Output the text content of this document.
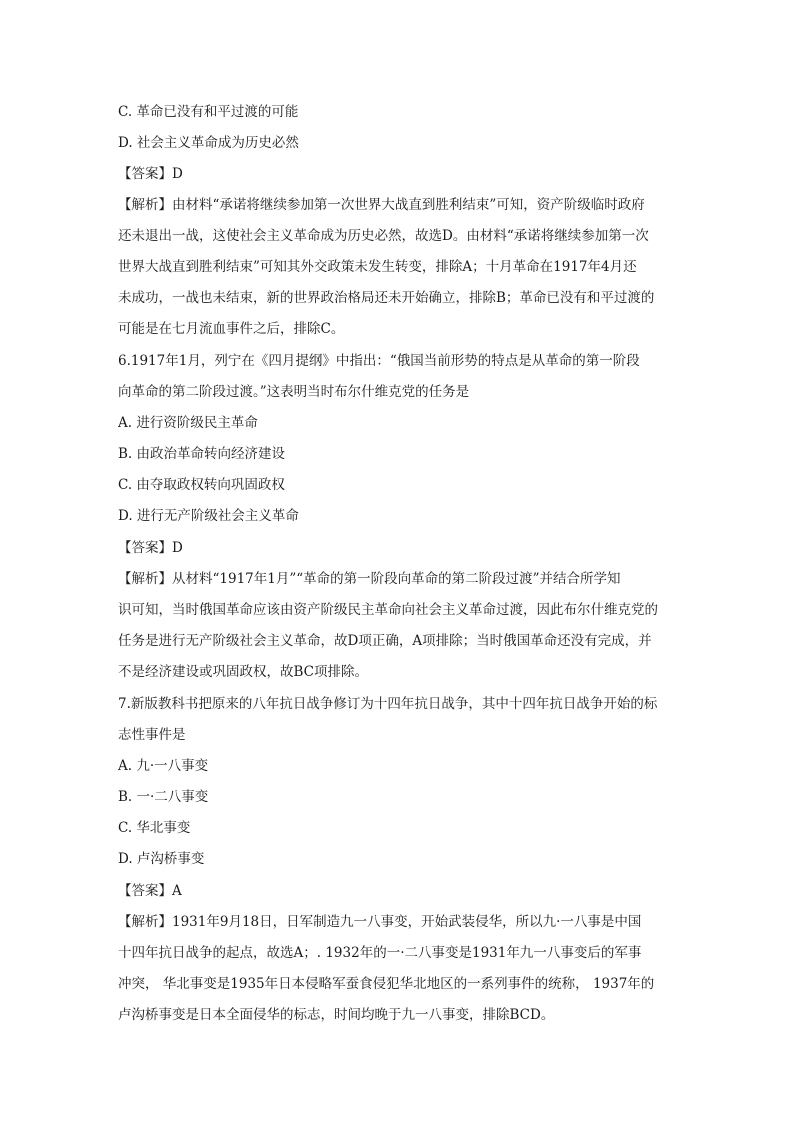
C. 革命已没有和平过渡的可能
D. 社会主义革命成为历史必然
【答案】D
【解析】由材料“承诺将继续参加第一次世界大战直到胜利结束”可知，资产阶级临时政府
还未退出一战，这使社会主义革命成为历史必然，故选D。由材料“承诺将继续参加第一次
世界大战直到胜利结束”可知其外交政策未发生转变，排除A；十月革命在1917年4月还
未成功，一战也未结束，新的世界政治格局还未开始确立，排除B；革命已没有和平过渡的
可能是在七月流血事件之后，排除C。
6.1917年1月，列宁在《四月提纲》中指出：“俄国当前形势的特点是从革命的第一阶段
向革命的第二阶段过渡。”这表明当时布尔什维克党的任务是
A. 进行资阶级民主革命
B. 由政治革命转向经济建设
C. 由夺取政权转向巩固政权
D. 进行无产阶级社会主义革命
【答案】D
【解析】从材料“1917年1月”“革命的第一阶段向革命的第二阶段过渡”并结合所学知
识可知，当时俄国革命应该由资产阶级民主革命向社会主义革命过渡，因此布尔什维克党的
任务是进行无产阶级社会主义革命，故D项正确，A项排除；当时俄国革命还没有完成，并
不是经济建设或巩固政权，故BC项排除。
7.新版教科书把原来的八年抗日战争修订为十四年抗日战争，其中十四年抗日战争开始的标
志性事件是
A. 九·一八事变
B. 一·二八事变
C. 华北事变
D. 卢沟桥事变
【答案】A
【解析】1931年9月18日，日军制造九一八事变，开始武装侵华，所以九·一八事是中国
十四年抗日战争的起点，故选A；. 1932年的一·二八事变是1931年九一八事变后的军事
冲突， 华北事变是1935年日本侵略军蚕食侵犯华北地区的一系列事件的统称， 1937年的
卢沟桥事变是日本全面侵华的标志，时间均晚于九一八事变，排除BCD。
